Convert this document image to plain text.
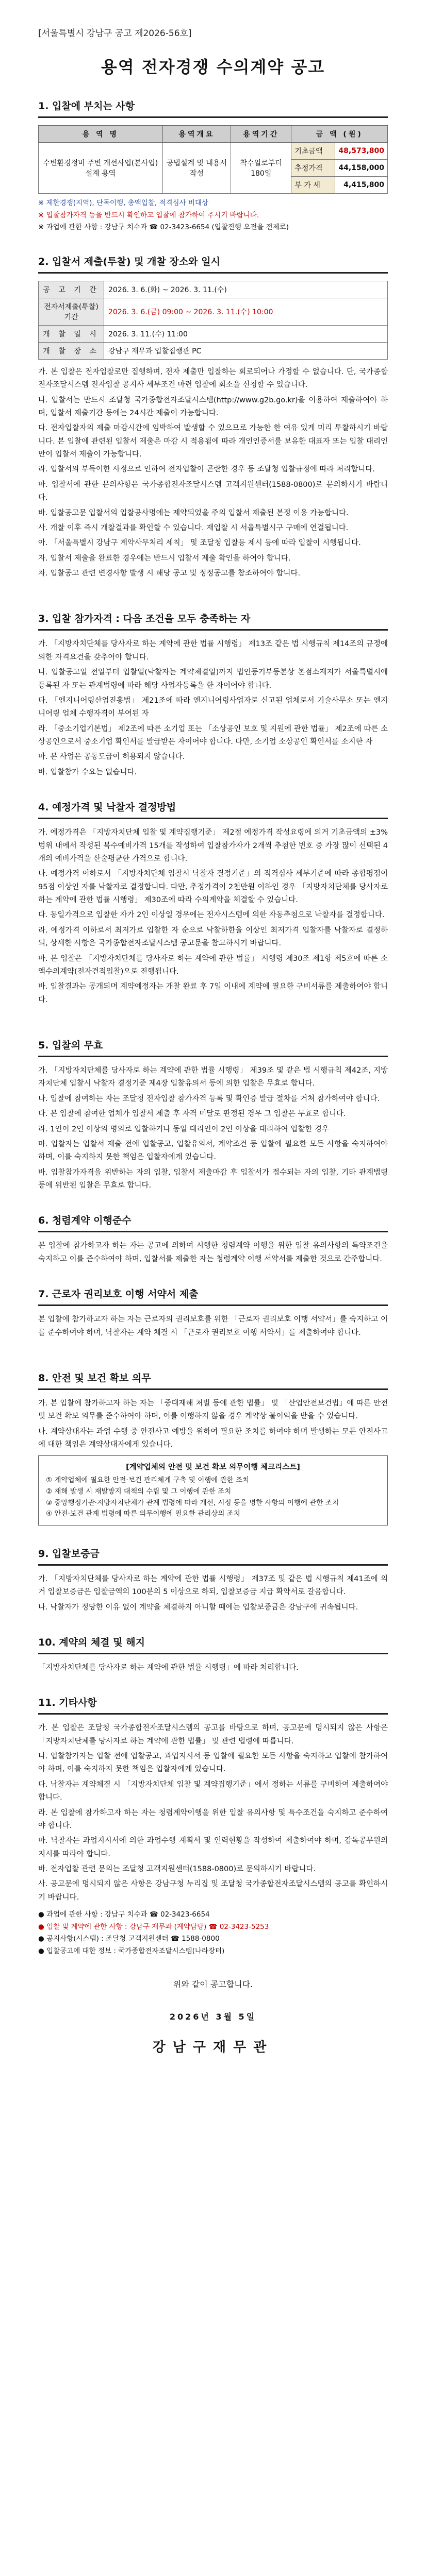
[서울특별시 강남구 공고 제2026-56호]
용역 전자경쟁 수의계약 공고
1. 입찰에 부치는 사항
용 역 명	용역개요	용역기간	금 액 (원)	
수변환경정비 주변 개선사업(본사업) 설계 용역	공법설계 및 내용서 작성	착수일로부터 180일	기초금액	48,573,800
			추정가격	44,158,000
			부 가 세	4,415,800
※ 제한경쟁(지역), 단독이행, 총액입찰, 적격심사 비대상
※ 입찰참가자격 등을 반드시 확인하고 입찰에 참가하여 주시기 바랍니다.
※ 과업에 관한 사항 : 강남구 치수과 ☎ 02-3423-6654 (입찰진행 오전을 전제로)
2. 입찰서 제출(투찰) 및 개찰 장소와 일시
공 고 기 간	2026. 3. 6.(화) ~ 2026. 3. 11.(수)
전자서제출(투찰)기간	2026. 3. 6.(금) 09:00 ~ 2026. 3. 11.(수) 10:00
개 찰 일 시	2026. 3. 11.(수) 11:00
개 찰 장 소	강남구 재무과 입찰집행관 PC

가. 본 입찰은 전자입찰로만 집행하며, 전자 제출만 입찰하는 회로되어나 가정할 수 없습니다. 단, 국가종합전자조달시스템 전자입찰 공지사 세부조건 마련 입찰에 회소을 신청할 수 있습니다.

나. 입찰서는 반드시 조달청 국가종합전자조달시스템(http://www.g2b.go.kr)을 이용하여 제출하여야 하며, 입찰서 제출기간 등에는 24시간 제출이 가능합니다.

다. 전자입찰자의 제출 마감시간에 임박하여 발생할 수 있으므로 가능한 한 여유 있게 미리 투찰하시기 바랍니다. 본 입찰에 관련된 입찰서 제출은 마감 시 적용됨에 따라 개인인증서를 보유한 대표자 또는 입찰 대리인만이 입찰서 제출이 가능합니다.

라. 입찰서의 부득이한 사정으로 인하여 전자입찰이 곤란한 경우 등 조달청 입찰규정에 따라 처리합니다.

마. 입찰서에 관한 문의사항은 국가종합전자조달시스템 고객지원센터(1588-0800)로 문의하시기 바랍니다.

바. 입찰공고문 입찰서의 입찰공사명에는 제약되었을 주의 입찰서 제출된 본정 이용 가능합니다.

사. 개찰 이후 즉시 개찰결과를 확인할 수 있습니다. 재입찰 시 서울특별시구 구매에 연결됩니다.

아. 「서울특별시 강남구 계약사무처리 세칙」 및 조달청 입찰등 제시 등에 따라 입찰이 시행됩니다.

자. 입찰서 제출을 완료한 경우에는 반드시 입찰서 제출 확인을 하여야 합니다.

차. 입찰공고 관련 변경사항 발생 시 해당 공고 및 정정공고를 참조하여야 합니다.

3. 입찰 참가자격 : 다음 조건을 모두 충족하는 자

가. 「지방자치단체를 당사자로 하는 계약에 관한 법률 시행령」 제13조 같은 법 시행규칙 제14조의 규정에 의한 자격요건을 갖추어야 합니다.

나. 입찰공고일 전일부터 입찰일(낙찰자는 계약체결일)까지 법인등기부등본상 본점소재지가 서울특별시에 등록된 자 또는 관계법령에 따라 해당 사업자등록을 한 자이어야 합니다.

다. 「엔지니어링산업진흥법」 제21조에 따라 엔지니어링사업자로 신고된 업체로서 기술사무소 또는 엔지니어링 업체 수행자격이 부여된 자

라. 「중소기업기본법」 제2조에 따른 소기업 또는 「소상공인 보호 및 지원에 관한 법률」 제2조에 따른 소상공인으로서 중소기업 확인서를 발급받은 자이어야 합니다. 다만, 소기업 소상공인 확인서를 소지한 자

마. 본 사업은 공동도급이 허용되지 않습니다.

바. 입찰참가 수요는 없습니다.

4. 예정가격 및 낙찰자 결정방법

가. 예정가격은 「지방자치단체 입찰 및 계약집행기준」 제2절 예정가격 작성요령에 의거 기초금액의 ±3% 범위 내에서 작성된 복수예비가격 15개를 작성하여 입찰참가자가 2개씩 추첨한 번호 중 가장 많이 선택된 4개의 예비가격을 산술평균한 가격으로 합니다.

나. 예정가격 이하로서 「지방자치단체 입찰시 낙찰자 결정기준」의 적격심사 세부기준에 따라 종합평점이 95점 이상인 자를 낙찰자로 결정합니다. 다만, 추정가격이 2천만원 이하인 경우 「지방자치단체를 당사자로 하는 계약에 관한 법률 시행령」 제30조에 따라 수의계약을 체결할 수 있습니다.

다. 동일가격으로 입찰한 자가 2인 이상일 경우에는 전자시스템에 의한 자동추첨으로 낙찰자를 결정합니다.

라. 예정가격 이하로서 최저가로 입찰한 자 순으로 낙찰하한율 이상인 최저가격 입찰자를 낙찰자로 결정하되, 상세한 사항은 국가종합전자조달시스템 공고문을 참고하시기 바랍니다.

마. 본 입찰은 「지방자치단체를 당사자로 하는 계약에 관한 법률」 시행령 제30조 제1항 제5호에 따른 소액수의계약(전자견적입찰)으로 진행됩니다.

바. 입찰결과는 공개되며 계약예정자는 개찰 완료 후 7일 이내에 계약에 필요한 구비서류를 제출하여야 합니다.

5. 입찰의 무효

가. 「지방자치단체를 당사자로 하는 계약에 관한 법률 시행령」 제39조 및 같은 법 시행규칙 제42조, 지방자치단체 입찰시 낙찰자 결정기준 제4장 입찰유의서 등에 의한 입찰은 무효로 합니다.

나. 입찰에 참여하는 자는 조달청 전자입찰 참가자격 등록 및 확인증 발급 절차를 거쳐 참가하여야 합니다.

다. 본 입찰에 참여한 업체가 입찰서 제출 후 자격 미달로 판정된 경우 그 입찰은 무효로 합니다.

라. 1인이 2인 이상의 명의로 입찰하거나 동일 대리인이 2인 이상을 대리하여 입찰한 경우

마. 입찰자는 입찰서 제출 전에 입찰공고, 입찰유의서, 계약조건 등 입찰에 필요한 모든 사항을 숙지하여야 하며, 이를 숙지하지 못한 책임은 입찰자에게 있습니다.

바. 입찰참가자격을 위반하는 자의 입찰, 입찰서 제출마감 후 입찰서가 접수되는 자의 입찰, 기타 관계법령 등에 위반된 입찰은 무효로 합니다.

6. 청렴계약 이행준수

본 입찰에 참가하고자 하는 자는 공고에 의하여 시행한 청렴계약 이행을 위한 입찰 유의사항의 특약조건을 숙지하고 이를 준수하여야 하며, 입찰서를 제출한 자는 청렴계약 이행 서약서를 제출한 것으로 간주합니다.

7. 근로자 권리보호 이행 서약서 제출

본 입찰에 참가하고자 하는 자는 근로자의 권리보호를 위한 「근로자 권리보호 이행 서약서」를 숙지하고 이를 준수하여야 하며, 낙찰자는 계약 체결 시 「근로자 권리보호 이행 서약서」를 제출하여야 합니다.

8. 안전 및 보건 확보 의무

가. 본 입찰에 참가하고자 하는 자는 「중대재해 처벌 등에 관한 법률」 및 「산업안전보건법」에 따른 안전 및 보건 확보 의무를 준수하여야 하며, 이를 이행하지 않을 경우 계약상 불이익을 받을 수 있습니다.

나. 계약상대자는 과업 수행 중 안전사고 예방을 위하여 필요한 조치를 하여야 하며 발생하는 모든 안전사고에 대한 책임은 계약상대자에게 있습니다.

[계약업체의 안전 및 보건 확보 의무이행 체크리스트]
① 계약업체에 필요한 안전·보건 관리체계 구축 및 이행에 관한 조치
② 재해 발생 시 재발방지 대책의 수립 및 그 이행에 관한 조치
③ 중앙행정기관·지방자치단체가 관계 법령에 따라 개선, 시정 등을 명한 사항의 이행에 관한 조치
④ 안전·보건 관계 법령에 따른 의무이행에 필요한 관리상의 조치
9. 입찰보증금

가. 「지방자치단체를 당사자로 하는 계약에 관한 법률 시행령」 제37조 및 같은 법 시행규칙 제41조에 의거 입찰보증금은 입찰금액의 100분의 5 이상으로 하되, 입찰보증금 지급 확약서로 갈음합니다.

나. 낙찰자가 정당한 이유 없이 계약을 체결하지 아니할 때에는 입찰보증금은 강남구에 귀속됩니다.

10. 계약의 체결 및 해지

「지방자치단체를 당사자로 하는 계약에 관한 법률 시행령」에 따라 처리합니다.

11. 기타사항

가. 본 입찰은 조달청 국가종합전자조달시스템의 공고를 바탕으로 하며, 공고문에 명시되지 않은 사항은 「지방자치단체를 당사자로 하는 계약에 관한 법률」 및 관련 법령에 따릅니다.

나. 입찰참가자는 입찰 전에 입찰공고, 과업지시서 등 입찰에 필요한 모든 사항을 숙지하고 입찰에 참가하여야 하며, 이를 숙지하지 못한 책임은 입찰자에게 있습니다.

다. 낙찰자는 계약체결 시 「지방자치단체 입찰 및 계약집행기준」에서 정하는 서류를 구비하여 제출하여야 합니다.

라. 본 입찰에 참가하고자 하는 자는 청렴계약이행을 위한 입찰 유의사항 및 특수조건을 숙지하고 준수하여야 합니다.

마. 낙찰자는 과업지시서에 의한 과업수행 계획서 및 인력현황을 작성하여 제출하여야 하며, 감독공무원의 지시를 따라야 합니다.

바. 전자입찰 관련 문의는 조달청 고객지원센터(1588-0800)로 문의하시기 바랍니다.

사. 공고문에 명시되지 않은 사항은 강남구청 누리집 및 조달청 국가종합전자조달시스템의 공고를 확인하시기 바랍니다.

● 과업에 관한 사항 : 강남구 치수과 ☎ 02-3423-6654
● 입찰 및 계약에 관한 사항 : 강남구 재무과 (계약담당) ☎ 02-3423-5253
● 공지사항(시스템) : 조달청 고객지원센터 ☎ 1588-0800
● 입찰공고에 대한 정보 : 국가종합전자조달시스템(나라장터)
위와 같이 공고합니다.
2026년 3월 5일
강남구재무관
